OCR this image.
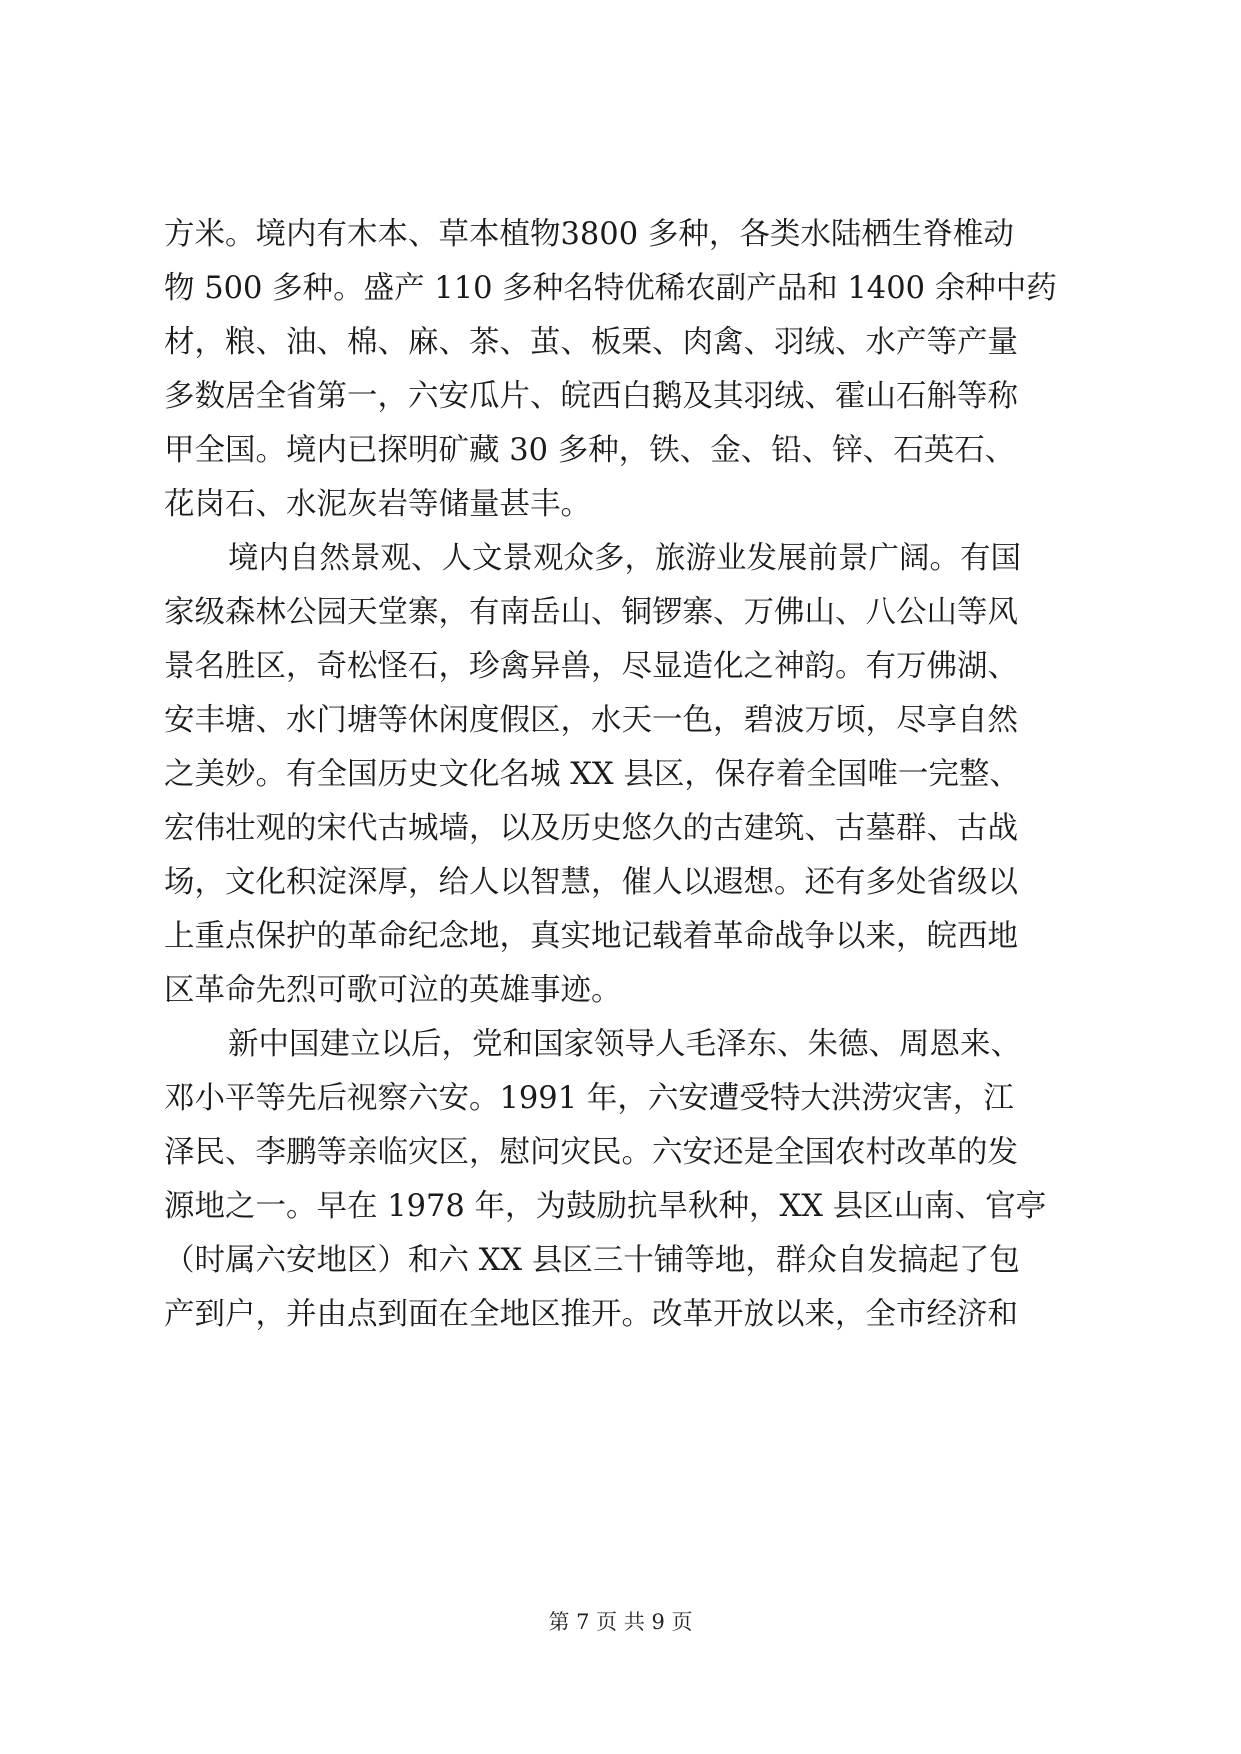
方米。境内有木本、草本植物3800 多种，各类水陆栖生脊椎动
物 500 多种。盛产 110 多种名特优稀农副产品和 1400 余种中药
材，粮、油、棉、麻、茶、茧、板栗、肉禽、羽绒、水产等产量
多数居全省第一，六安瓜片、皖西白鹅及其羽绒、霍山石斛等称
甲全国。境内已探明矿藏 30 多种，铁、金、铅、锌、石英石、
花岗石、水泥灰岩等储量甚丰。
境内自然景观、人文景观众多，旅游业发展前景广阔。有国
家级森林公园天堂寨，有南岳山、铜锣寨、万佛山、八公山等风
景名胜区，奇松怪石，珍禽异兽，尽显造化之神韵。有万佛湖、
安丰塘、水门塘等休闲度假区，水天一色，碧波万顷，尽享自然
之美妙。有全国历史文化名城 XX 县区，保存着全国唯一完整、
宏伟壮观的宋代古城墙，以及历史悠久的古建筑、古墓群、古战
场，文化积淀深厚，给人以智慧，催人以遐想。还有多处省级以
上重点保护的革命纪念地，真实地记载着革命战争以来，皖西地
区革命先烈可歌可泣的英雄事迹。
新中国建立以后，党和国家领导人毛泽东、朱德、周恩来、
邓小平等先后视察六安。1991 年，六安遭受特大洪涝灾害，江
泽民、李鹏等亲临灾区，慰问灾民。六安还是全国农村改革的发
源地之一。早在 1978 年，为鼓励抗旱秋种，XX 县区山南、官亭
（时属六安地区）和六 XX 县区三十铺等地，群众自发搞起了包
产到户，并由点到面在全地区推开。改革开放以来，全市经济和
第 7 页 共 9 页
